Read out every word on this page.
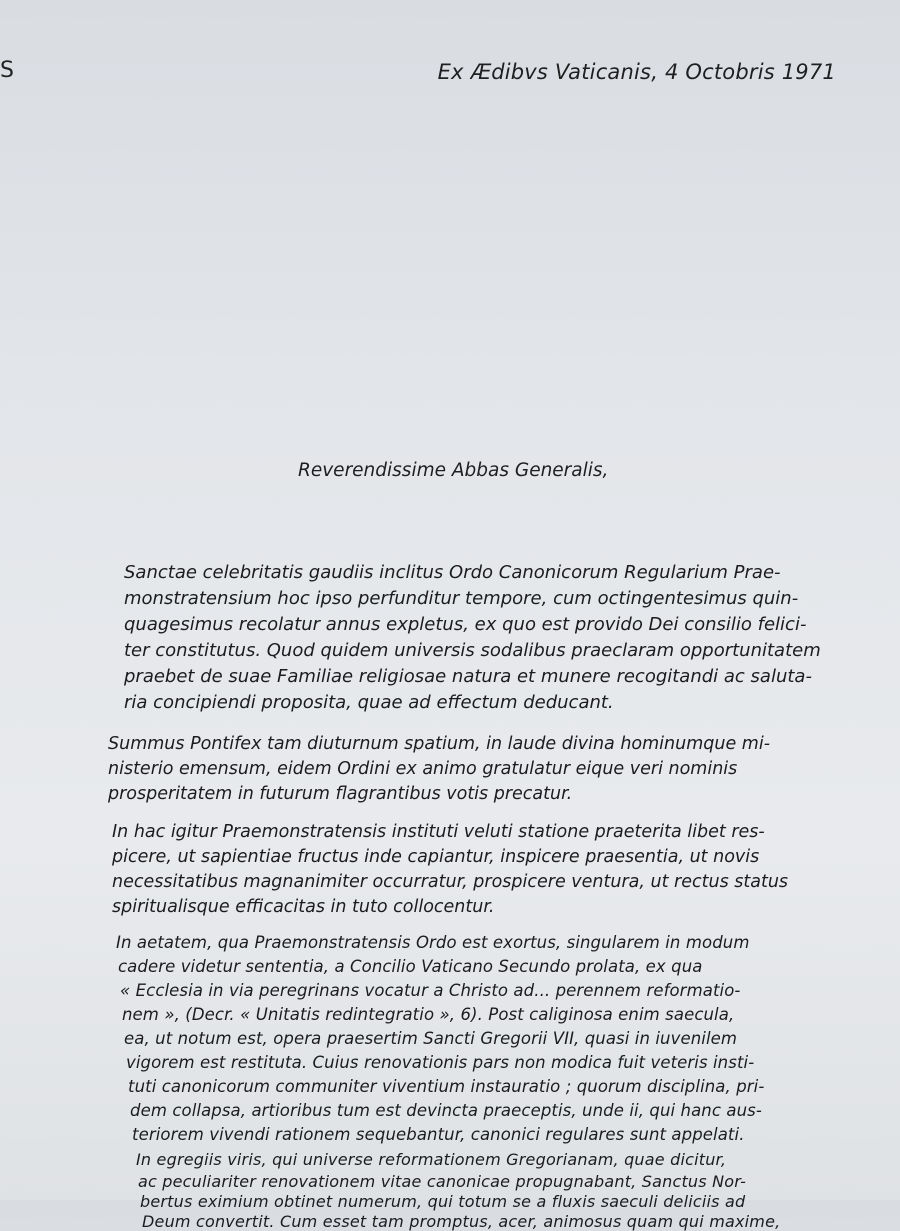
S	Ex Ædibvs Vaticanis, 4 Octobris 1971
Reverendissime Abbas Generalis,
Sanctae celebritatis gaudiis inclitus Ordo Canonicorum Regularium Prae-
monstratensium hoc ipso perfunditur tempore, cum octingentesimus quin-
quagesimus recolatur annus expletus, ex quo est provido Dei consilio felici-
ter constitutus. Quod quidem universis sodalibus praeclaram opportunitatem
praebet de suae Familiae religiosae natura et munere recogitandi ac saluta-
ria concipiendi proposita, quae ad effectum deducant.
Summus Pontifex tam diuturnum spatium, in laude divina hominumque mi-
nisterio emensum, eidem Ordini ex animo gratulatur eique veri nominis
prosperitatem in futurum flagrantibus votis precatur.
In hac igitur Praemonstratensis instituti veluti statione praeterita libet res-
picere, ut sapientiae fructus inde capiantur, inspicere praesentia, ut novis
necessitatibus magnanimiter occurratur, prospicere ventura, ut rectus status
spiritualisque efficacitas in tuto collocentur.
In aetatem, qua Praemonstratensis Ordo est exortus, singularem in modum
cadere videtur sententia, a Concilio Vaticano Secundo prolata, ex qua
« Ecclesia in via peregrinans vocatur a Christo ad... perennem reformatio-
nem », (Decr. « Unitatis redintegratio », 6). Post caliginosa enim saecula,
ea, ut notum est, opera praesertim Sancti Gregorii VII, quasi in iuvenilem
vigorem est restituta. Cuius renovationis pars non modica fuit veteris insti-
tuti canonicorum communiter viventium instauratio ; quorum disciplina, pri-
dem collapsa, artioribus tum est devincta praeceptis, unde ii, qui hanc aus-
teriorem vivendi rationem sequebantur, canonici regulares sunt appelati.
In egregiis viris, qui universe reformationem Gregorianam, quae dicitur,
ac peculiariter renovationem vitae canonicae propugnabant, Sanctus Nor-
bertus eximium obtinet numerum, qui totum se a fluxis saeculi deliciis ad
Deum convertit. Cum esset tam promptus, acer, animosus quam qui maxime,
